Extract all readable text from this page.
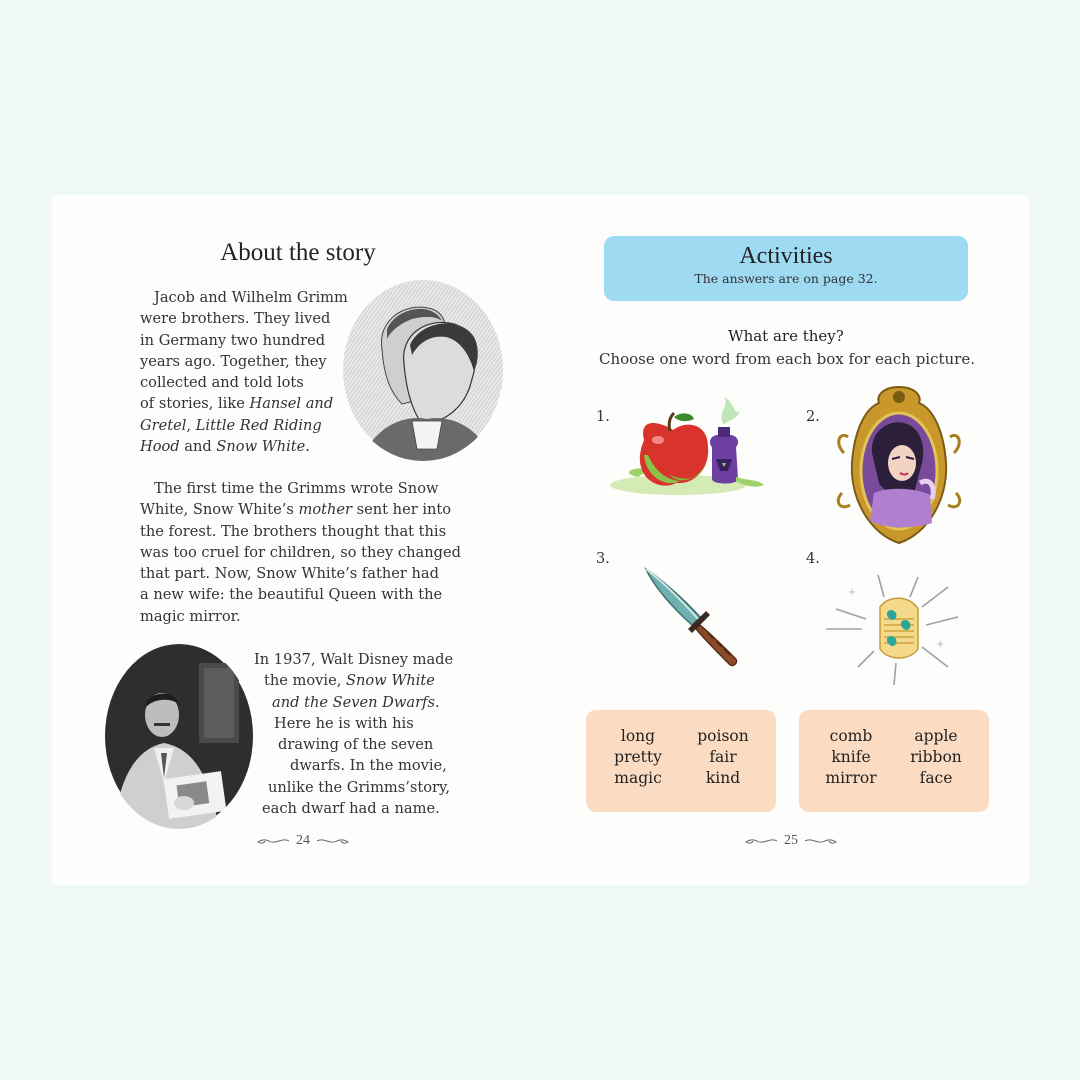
About the story
Jacob and Wilhelm Grimm
were brothers. They lived
in Germany two hundred
years ago. Together, they
collected and told lots
of stories, like Hansel and
Gretel, Little Red Riding
Hood and Snow White.
The first time the Grimms wrote Snow
White, Snow White’s mother sent her into
the forest. The brothers thought that this
was too cruel for children, so they changed
that part. Now, Snow White’s father had
a new wife: the beautiful Queen with the
magic mirror.
In 1937, Walt Disney made
the movie, Snow White
and the Seven Dwarfs.
Here he is with his
drawing of the seven
dwarfs. In the movie,
unlike the Grimms’story,
each dwarf had a name.
24
Activities
The answers are on page 32.
What are they?
Choose one word from each box for each picture.
1.	2.
3.	4.
+
+
long	poison
pretty	fair
magic	kind
comb	apple
knife	ribbon
mirror	face
25
